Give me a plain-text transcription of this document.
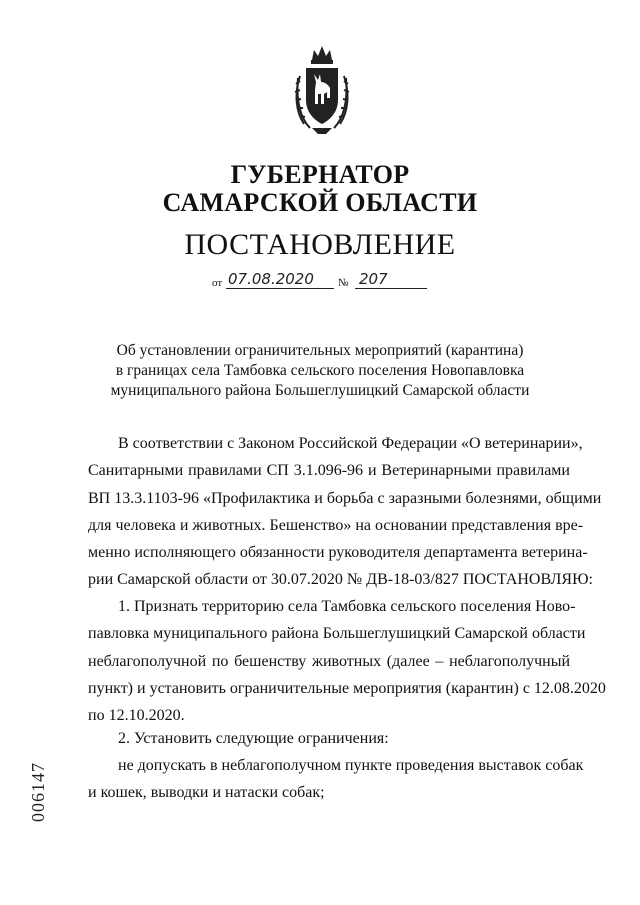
ГУБЕРНАТОР
САМАРСКОЙ ОБЛАСТИ
ПОСТАНОВЛЕНИЕ
от 07.08.2020 № 207
Об установлении ограничительных мероприятий (карантина)
в границах села Тамбовка сельского поселения Новопавловка
муниципального района Большеглушицкий Самарской области
В соответствии с Законом Российской Федерации «О ветеринарии»,
Санитарными правилами СП 3.1.096-96 и Ветеринарными правилами
ВП 13.3.1103-96 «Профилактика и борьба с заразными болезнями, общими
для человека и животных. Бешенство» на основании представления вре-
менно исполняющего обязанности руководителя департамента ветерина-
рии Самарской области от 30.07.2020 № ДВ-18-03/827 ПОСТАНОВЛЯЮ:
1. Признать территорию села Тамбовка сельского поселения Ново-
павловка муниципального района Большеглушицкий Самарской области
неблагополучной по бешенству животных (далее – неблагополучный
пункт) и установить ограничительные мероприятия (карантин) с 12.08.2020
по 12.10.2020.
2. Установить следующие ограничения:
не допускать в неблагополучном пункте проведения выставок собак
и кошек, выводки и натаски собак;
006147
